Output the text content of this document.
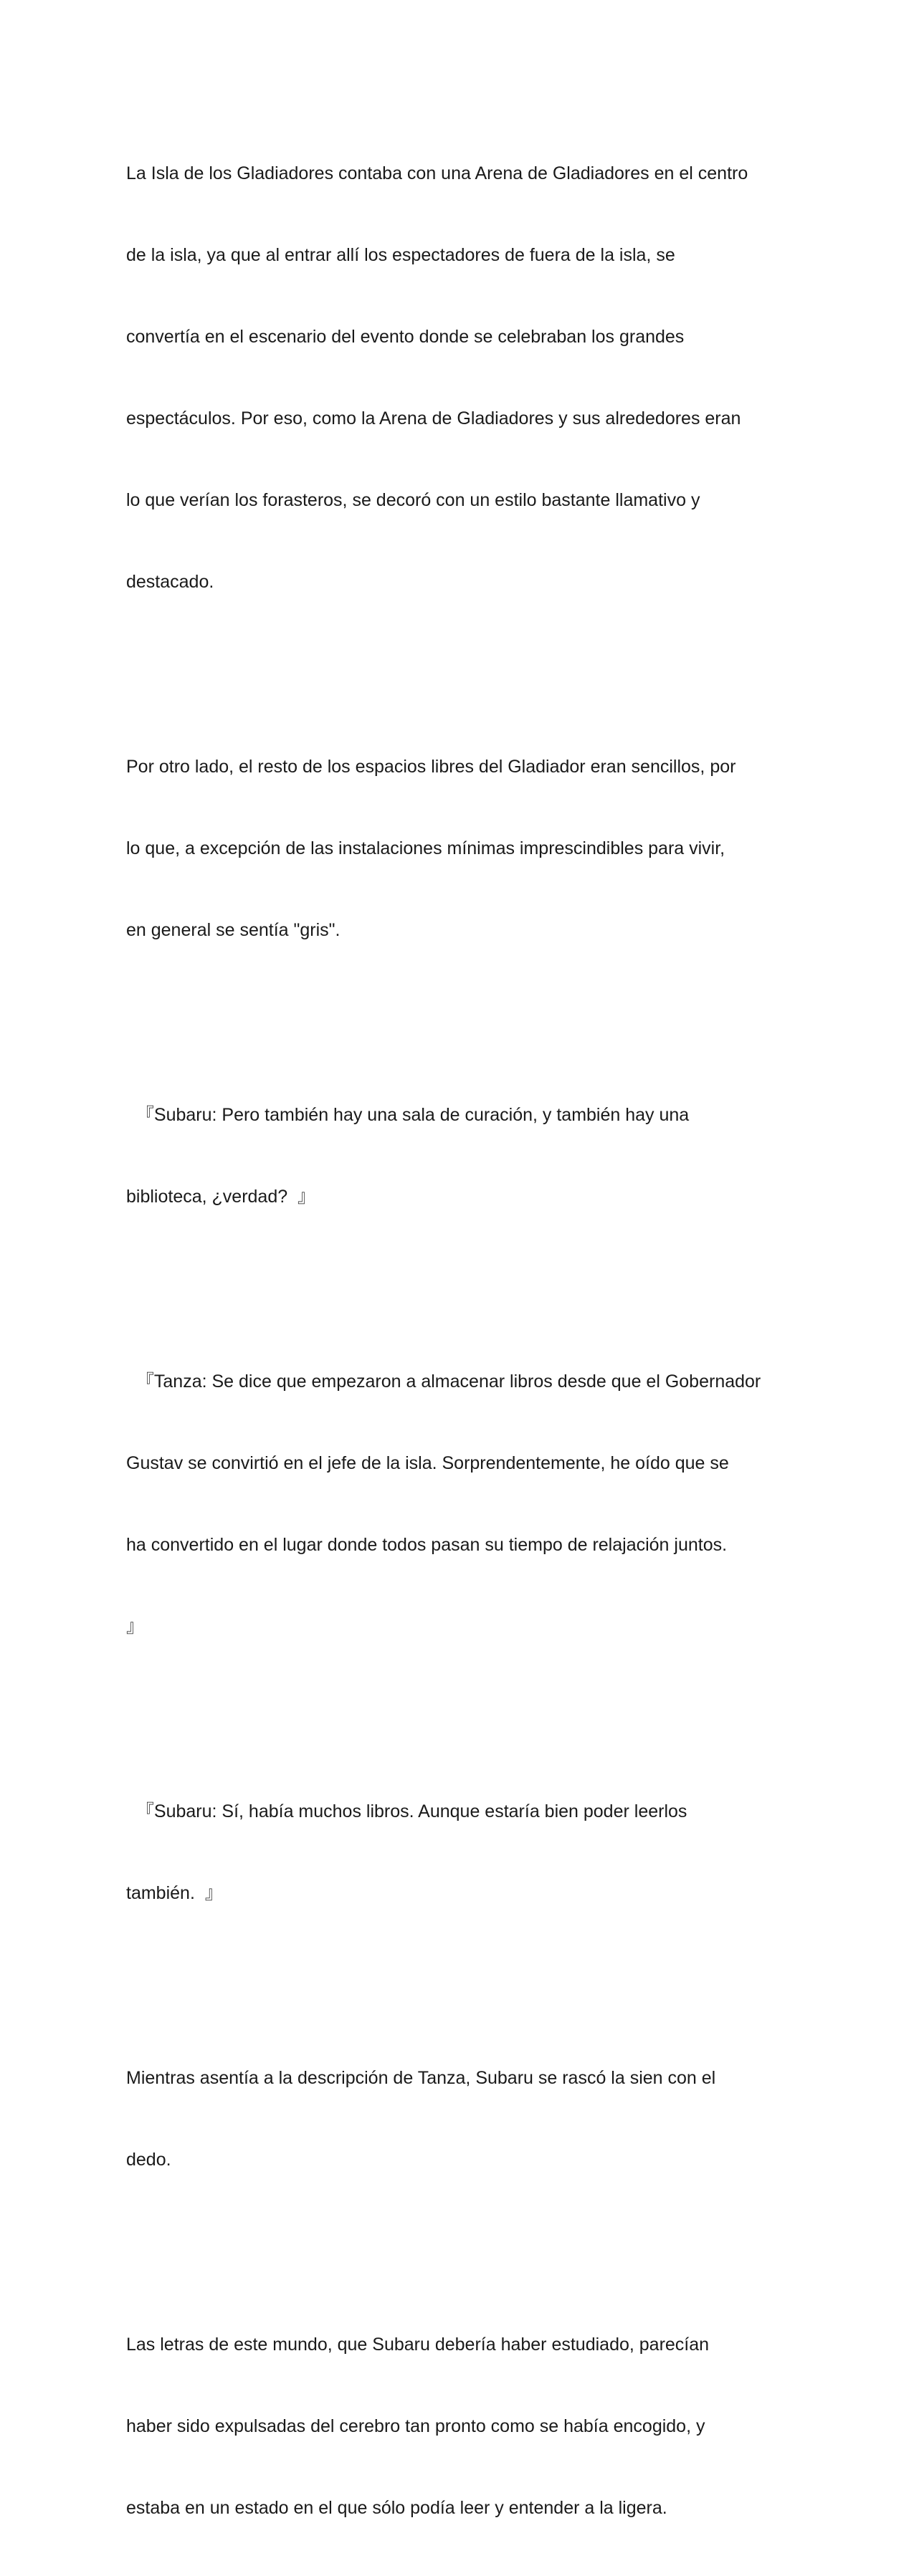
La Isla de los Gladiadores contaba con una Arena de Gladiadores en el centro

de la isla, ya que al entrar allí los espectadores de fuera de la isla, se

convertía en el escenario del evento donde se celebraban los grandes

espectáculos. Por eso, como la Arena de Gladiadores y sus alrededores eran

lo que verían los forasteros, se decoró con un estilo bastante llamativo y

destacado.

Por otro lado, el resto de los espacios libres del Gladiador eran sencillos, por

lo que, a excepción de las instalaciones mínimas imprescindibles para vivir,

en general se sentía "gris".

『Subaru: Pero también hay una sala de curación, y también hay una

biblioteca, ¿verdad?  』

『Tanza: Se dice que empezaron a almacenar libros desde que el Gobernador

Gustav se convirtió en el jefe de la isla. Sorprendentemente, he oído que se

ha convertido en el lugar donde todos pasan su tiempo de relajación juntos.

』

『Subaru: Sí, había muchos libros. Aunque estaría bien poder leerlos

también.  』

Mientras asentía a la descripción de Tanza, Subaru se rascó la sien con el

dedo.

Las letras de este mundo, que Subaru debería haber estudiado, parecían

haber sido expulsadas del cerebro tan pronto como se había encogido, y

estaba en un estado en el que sólo podía leer y entender a la ligera.
